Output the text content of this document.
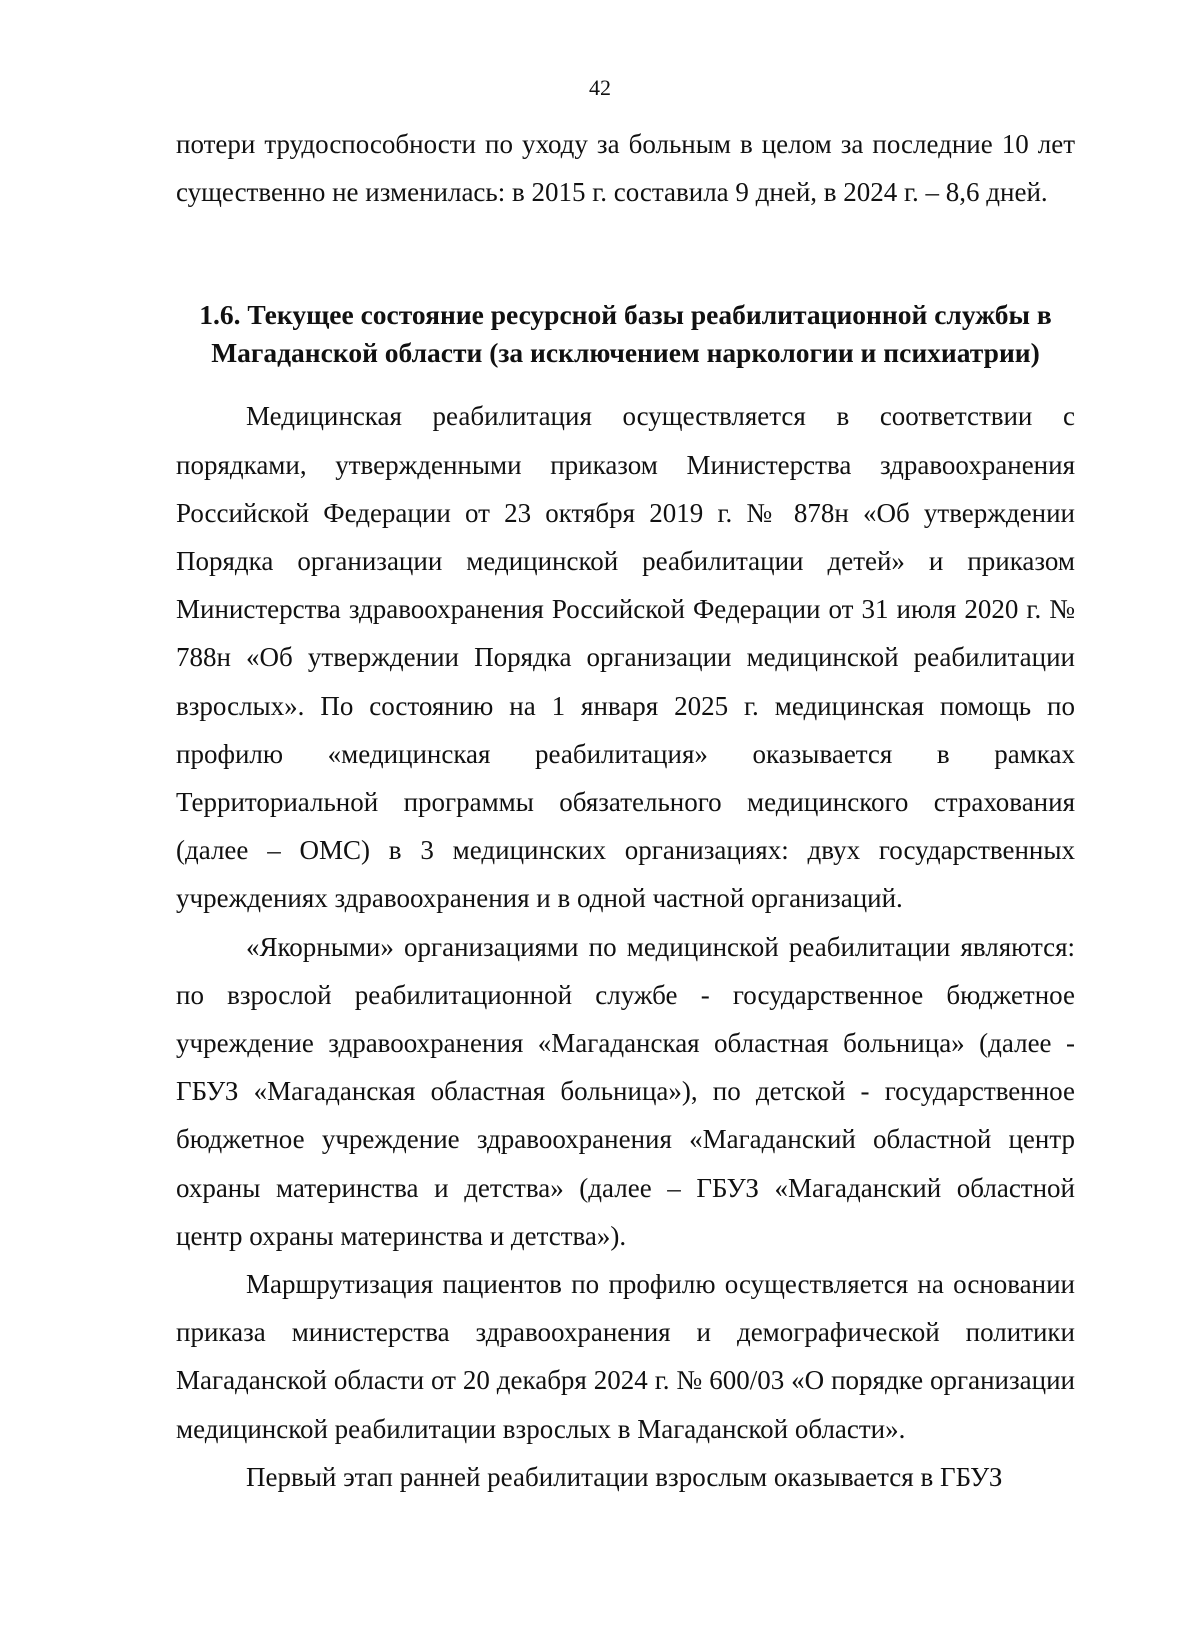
42

потери трудоспособности по уходу за больным в целом за последние 10 лет существенно не изменилась: в 2015 г. составила 9 дней, в 2024 г. – 8,6 дней.

1.6. Текущее состояние ресурсной базы реабилитационной службы в Магаданской области (за исключением наркологии и психиатрии)

Медицинская реабилитация осуществляется в соответствии с порядками, утвержденными приказом Министерства здравоохранения Российской Федерации от 23 октября 2019 г. № 878н «Об утверждении Порядка организации медицинской реабилитации детей» и приказом Министерства здравоохранения Российской Федерации от 31 июля 2020 г. № 788н «Об утверждении Порядка организации медицинской реабилитации взрослых». По состоянию на 1 января 2025 г. медицинская помощь по профилю «медицинская реабилитация» оказывается в рамках Территориальной программы обязательного медицинского страхования (далее – ОМС) в 3 медицинских организациях: двух государственных учреждениях здравоохранения и в одной частной организаций.

«Якорными» организациями по медицинской реабилитации являются: по взрослой реабилитационной службе - государственное бюджетное учреждение здравоохранения «Магаданская областная больница» (далее - ГБУЗ «Магаданская областная больница»), по детской - государственное бюджетное учреждение здравоохранения «Магаданский областной центр охраны материнства и детства» (далее – ГБУЗ «Магаданский областной центр охраны материнства и детства»).

Маршрутизация пациентов по профилю осуществляется на основании приказа министерства здравоохранения и демографической политики Магаданской области от 20 декабря 2024 г. № 600/03 «О порядке организации медицинской реабилитации взрослых в Магаданской области».

Первый этап ранней реабилитации взрослым оказывается в ГБУЗ
